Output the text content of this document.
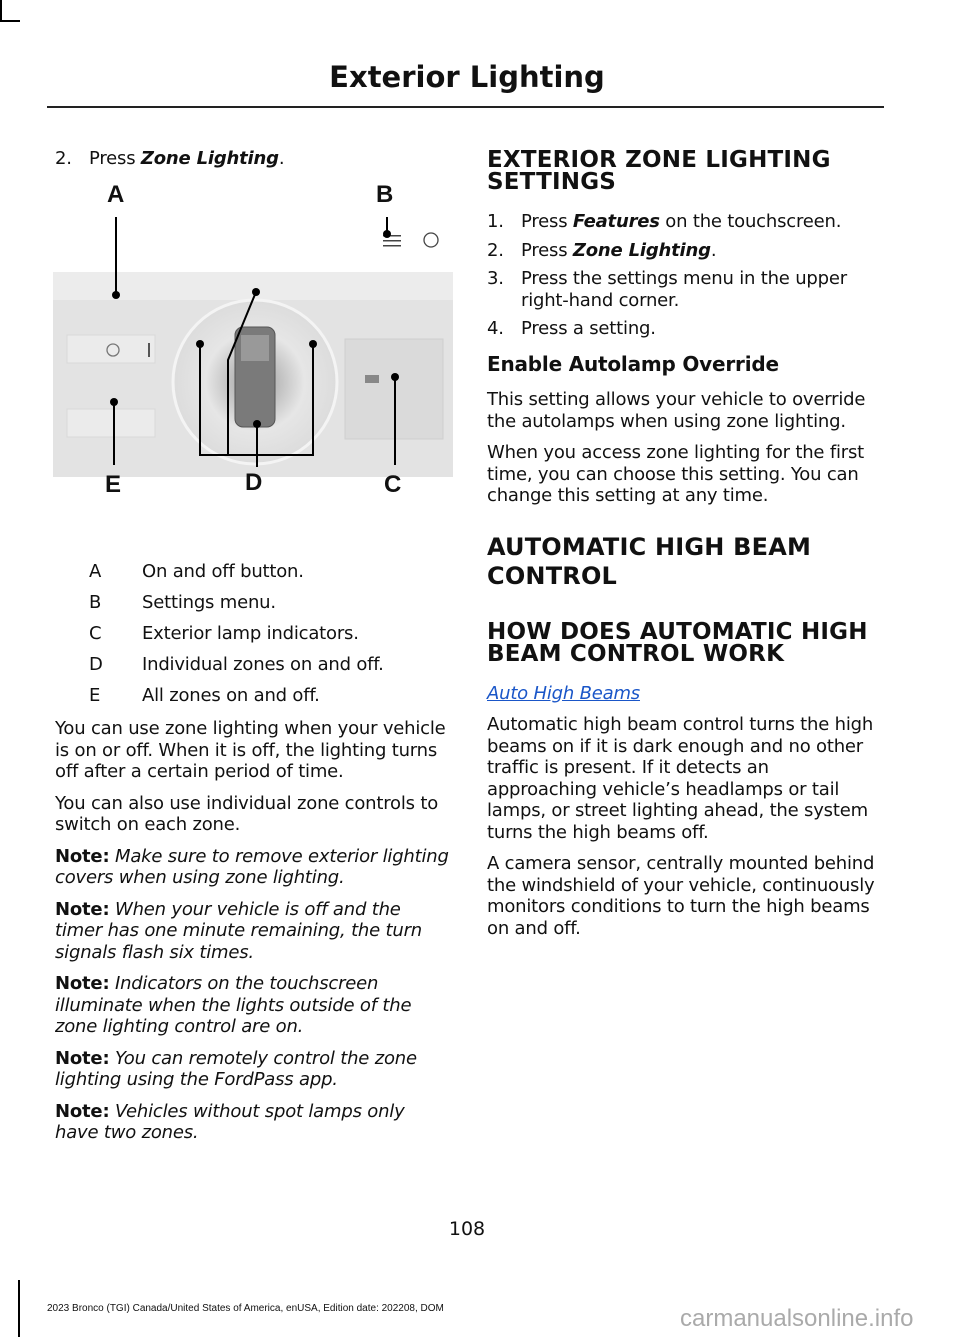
Exterior Lighting
2. Press Zone Lighting.
A	B
C
D
E
A	On and off button.
B	Settings menu.
C	Exterior lamp indicators.
D	Individual zones on and off.
E	All zones on and off.

You can use zone lighting when your vehicle is on or off. When it is off, the lighting turns off after a certain period of time.

You can also use individual zone controls to switch on each zone.

Note: Make sure to remove exterior lighting covers when using zone lighting.

Note: When your vehicle is off and the timer has one minute remaining, the turn signals flash six times.

Note: Indicators on the touchscreen illuminate when the lights outside of the zone lighting control are on.

Note: You can remotely control the zone lighting using the FordPass app.

Note: Vehicles without spot lamps only have two zones.

EXTERIOR ZONE LIGHTING SETTINGS
1. Press Features on the touchscreen.
2. Press Zone Lighting.
3. Press the settings menu in the upper right-hand corner.
4. Press a setting.
Enable Autolamp Override

This setting allows your vehicle to override the autolamps when using zone lighting.

When you access zone lighting for the first time, you can choose this setting. You can change this setting at any time.

AUTOMATIC HIGH BEAM CONTROL
HOW DOES AUTOMATIC HIGH BEAM CONTROL WORK

Auto High Beams

Automatic high beam control turns the high beams on if it is dark enough and no other traffic is present. If it detects an approaching vehicle’s headlamps or tail lamps, or street lighting ahead, the system turns the high beams off.

A camera sensor, centrally mounted behind the windshield of your vehicle, continuously monitors conditions to turn the high beams on and off.

108
2023 Bronco (TGI) Canada/United States of America, enUSA, Edition date: 202208, DOM	carmanualsonline.info
